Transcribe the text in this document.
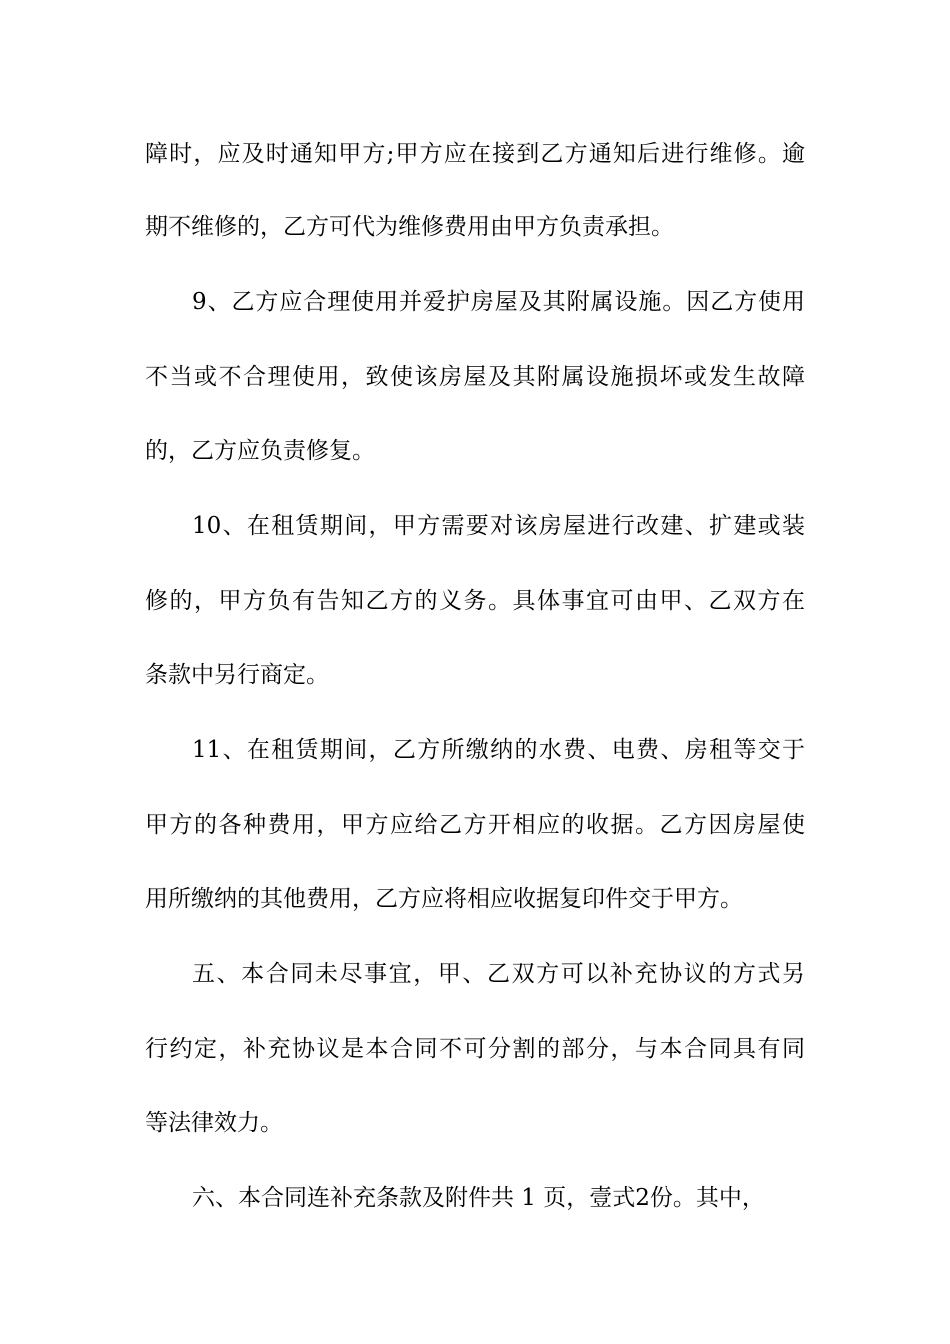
障时，应及时通知甲方;甲方应在接到乙方通知后进行维修。逾
期不维修的，乙方可代为维修费用由甲方负责承担。
9、乙方应合理使用并爱护房屋及其附属设施。因乙方使用
不当或不合理使用，致使该房屋及其附属设施损坏或发生故障
的，乙方应负责修复。
10、在租赁期间，甲方需要对该房屋进行改建、扩建或装
修的，甲方负有告知乙方的义务。具体事宜可由甲、乙双方在
条款中另行商定。
11、在租赁期间，乙方所缴纳的水费、电费、房租等交于
甲方的各种费用，甲方应给乙方开相应的收据。乙方因房屋使
用所缴纳的其他费用，乙方应将相应收据复印件交于甲方。
五、本合同未尽事宜，甲、乙双方可以补充协议的方式另
行约定，补充协议是本合同不可分割的部分，与本合同具有同
等法律效力。
六、本合同连补充条款及附件共 1 页，壹式2份。其中，
